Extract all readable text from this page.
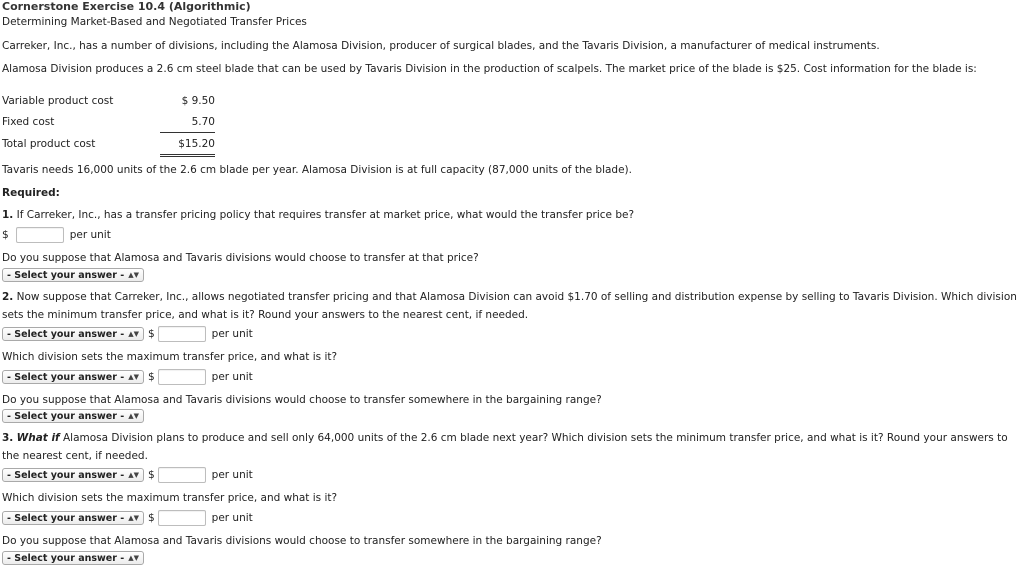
Cornerstone Exercise 10.4 (Algorithmic)
Determining Market-Based and Negotiated Transfer Prices
Carreker, Inc., has a number of divisions, including the Alamosa Division, producer of surgical blades, and the Tavaris Division, a manufacturer of medical instruments.
Alamosa Division produces a 2.6 cm steel blade that can be used by Tavaris Division in the production of scalpels. The market price of the blade is $25. Cost information for the blade is:
Variable product cost	$ 9.50
Fixed cost	5.70
Total product cost	$15.20
Tavaris needs 16,000 units of the 2.6 cm blade per year. Alamosa Division is at full capacity (87,000 units of the blade).
Required:
1. If Carreker, Inc., has a transfer pricing policy that requires transfer at market price, what would the transfer price be?
$	per unit
Do you suppose that Alamosa and Tavaris divisions would choose to transfer at that price?
- Select your answer - ▲▼
2. Now suppose that Carreker, Inc., allows negotiated transfer pricing and that Alamosa Division can avoid $1.70 of selling and distribution expense by selling to Tavaris Division. Which division sets the minimum transfer price, and what is it? Round your answers to the nearest cent, if needed.
- Select your answer - ▲▼ $	per unit
Which division sets the maximum transfer price, and what is it?
- Select your answer - ▲▼ $	per unit
Do you suppose that Alamosa and Tavaris divisions would choose to transfer somewhere in the bargaining range?
- Select your answer - ▲▼
3. What if Alamosa Division plans to produce and sell only 64,000 units of the 2.6 cm blade next year? Which division sets the minimum transfer price, and what is it? Round your answers to the nearest cent, if needed.
- Select your answer - ▲▼ $	per unit
Which division sets the maximum transfer price, and what is it?
- Select your answer - ▲▼ $	per unit
Do you suppose that Alamosa and Tavaris divisions would choose to transfer somewhere in the bargaining range?
- Select your answer - ▲▼
